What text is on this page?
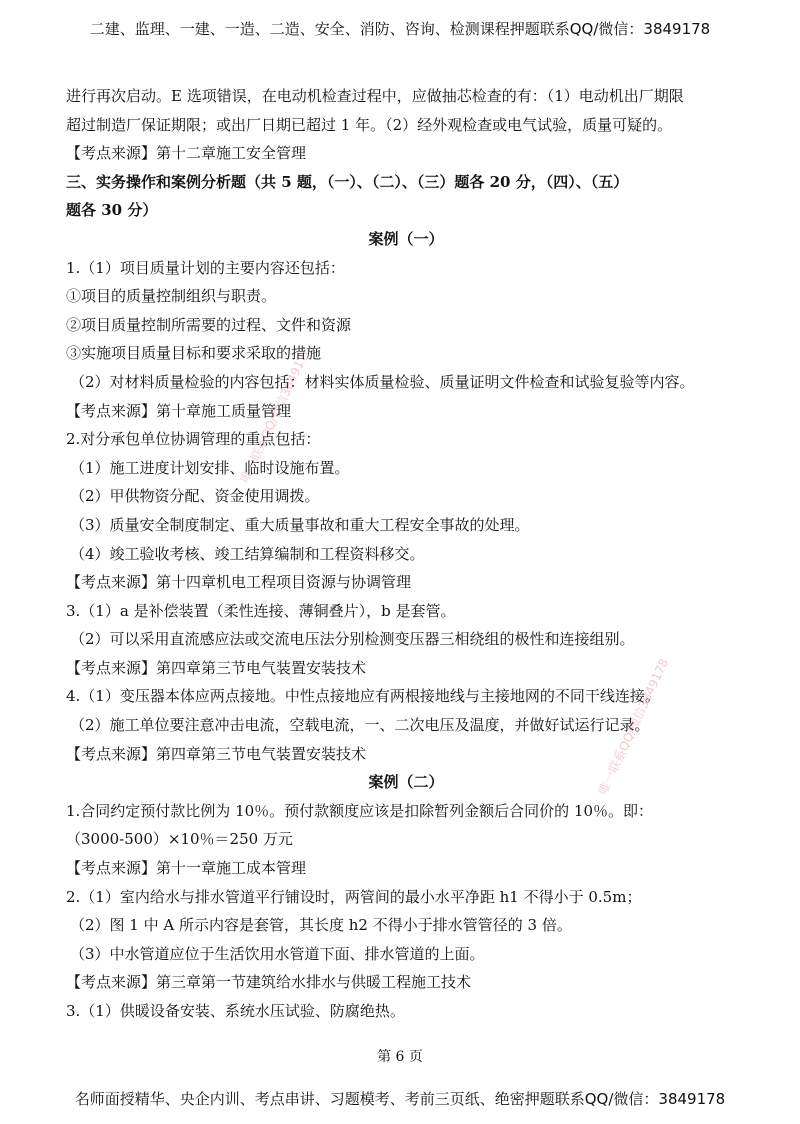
二建、监理、一建、一造、二造、安全、消防、咨询、检测课程押题联系QQ/微信：3849178
唯一联系QQ/微信3849178
唯一联系QQ/微信3849178
进行再次启动。E 选项错误，在电动机检查过程中，应做抽芯检查的有：（1）电动机出厂期限
超过制造厂保证期限；或出厂日期已超过 1 年。（2）经外观检查或电气试验，质量可疑的。
【考点来源】第十二章施工安全管理
三、实务操作和案例分析题（共 5 题，（一）、（二）、（三）题各 20 分，（四）、（五）
题各 30 分）
案例（一）
1.（1）项目质量计划的主要内容还包括：
①项目的质量控制组织与职责。
②项目质量控制所需要的过程、文件和资源
③实施项目质量目标和要求采取的措施
（2）对材料质量检验的内容包括：材料实体质量检验、质量证明文件检查和试验复验等内容。
【考点来源】第十章施工质量管理
2.对分承包单位协调管理的重点包括：
（1）施工进度计划安排、临时设施布置。
（2）甲供物资分配、资金使用调拨。
（3）质量安全制度制定、重大质量事故和重大工程安全事故的处理。
（4）竣工验收考核、竣工结算编制和工程资料移交。
【考点来源】第十四章机电工程项目资源与协调管理
3.（1）a 是补偿装置（柔性连接、薄铜叠片），b 是套管。
（2）可以采用直流感应法或交流电压法分别检测变压器三相绕组的极性和连接组别。
【考点来源】第四章第三节电气装置安装技术
4.（1）变压器本体应两点接地。中性点接地应有两根接地线与主接地网的不同干线连接。
（2）施工单位要注意冲击电流，空载电流，一、二次电压及温度，并做好试运行记录。
【考点来源】第四章第三节电气装置安装技术
案例（二）
1.合同约定预付款比例为 10％。预付款额度应该是扣除暂列金额后合同价的 10％。即：
（3000-500）×10％＝250 万元
【考点来源】第十一章施工成本管理
2.（1）室内给水与排水管道平行铺设时，两管间的最小水平净距 h1 不得小于 0.5m；
（2）图 1 中 A 所示内容是套管，其长度 h2 不得小于排水管管径的 3 倍。
（3）中水管道应位于生活饮用水管道下面、排水管道的上面。
【考点来源】第三章第一节建筑给水排水与供暖工程施工技术
3.（1）供暖设备安装、系统水压试验、防腐绝热。
第 6 页
名师面授精华、央企内训、考点串讲、习题模考、考前三页纸、绝密押题联系QQ/微信：3849178
